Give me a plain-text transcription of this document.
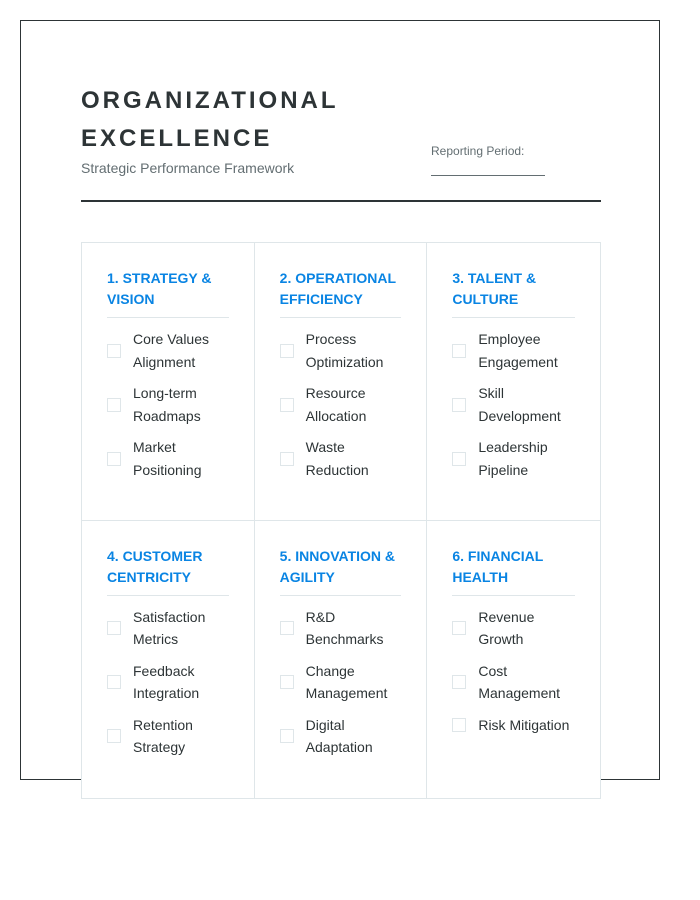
ORGANIZATIONAL
EXCELLENCE
Strategic Performance Framework
Reporting Period:
1. STRATEGY &
VISION
Core Values
Alignment
Long-term
Roadmaps
Market
Positioning
2. OPERATIONAL
EFFICIENCY
Process
Optimization
Resource
Allocation
Waste
Reduction
3. TALENT &
CULTURE
Employee
Engagement
Skill
Development
Leadership
Pipeline
4. CUSTOMER
CENTRICITY
Satisfaction
Metrics
Feedback
Integration
Retention
Strategy
5. INNOVATION &
AGILITY
R&D
Benchmarks
Change
Management
Digital
Adaptation
6. FINANCIAL
HEALTH
Revenue
Growth
Cost
Management
Risk Mitigation
